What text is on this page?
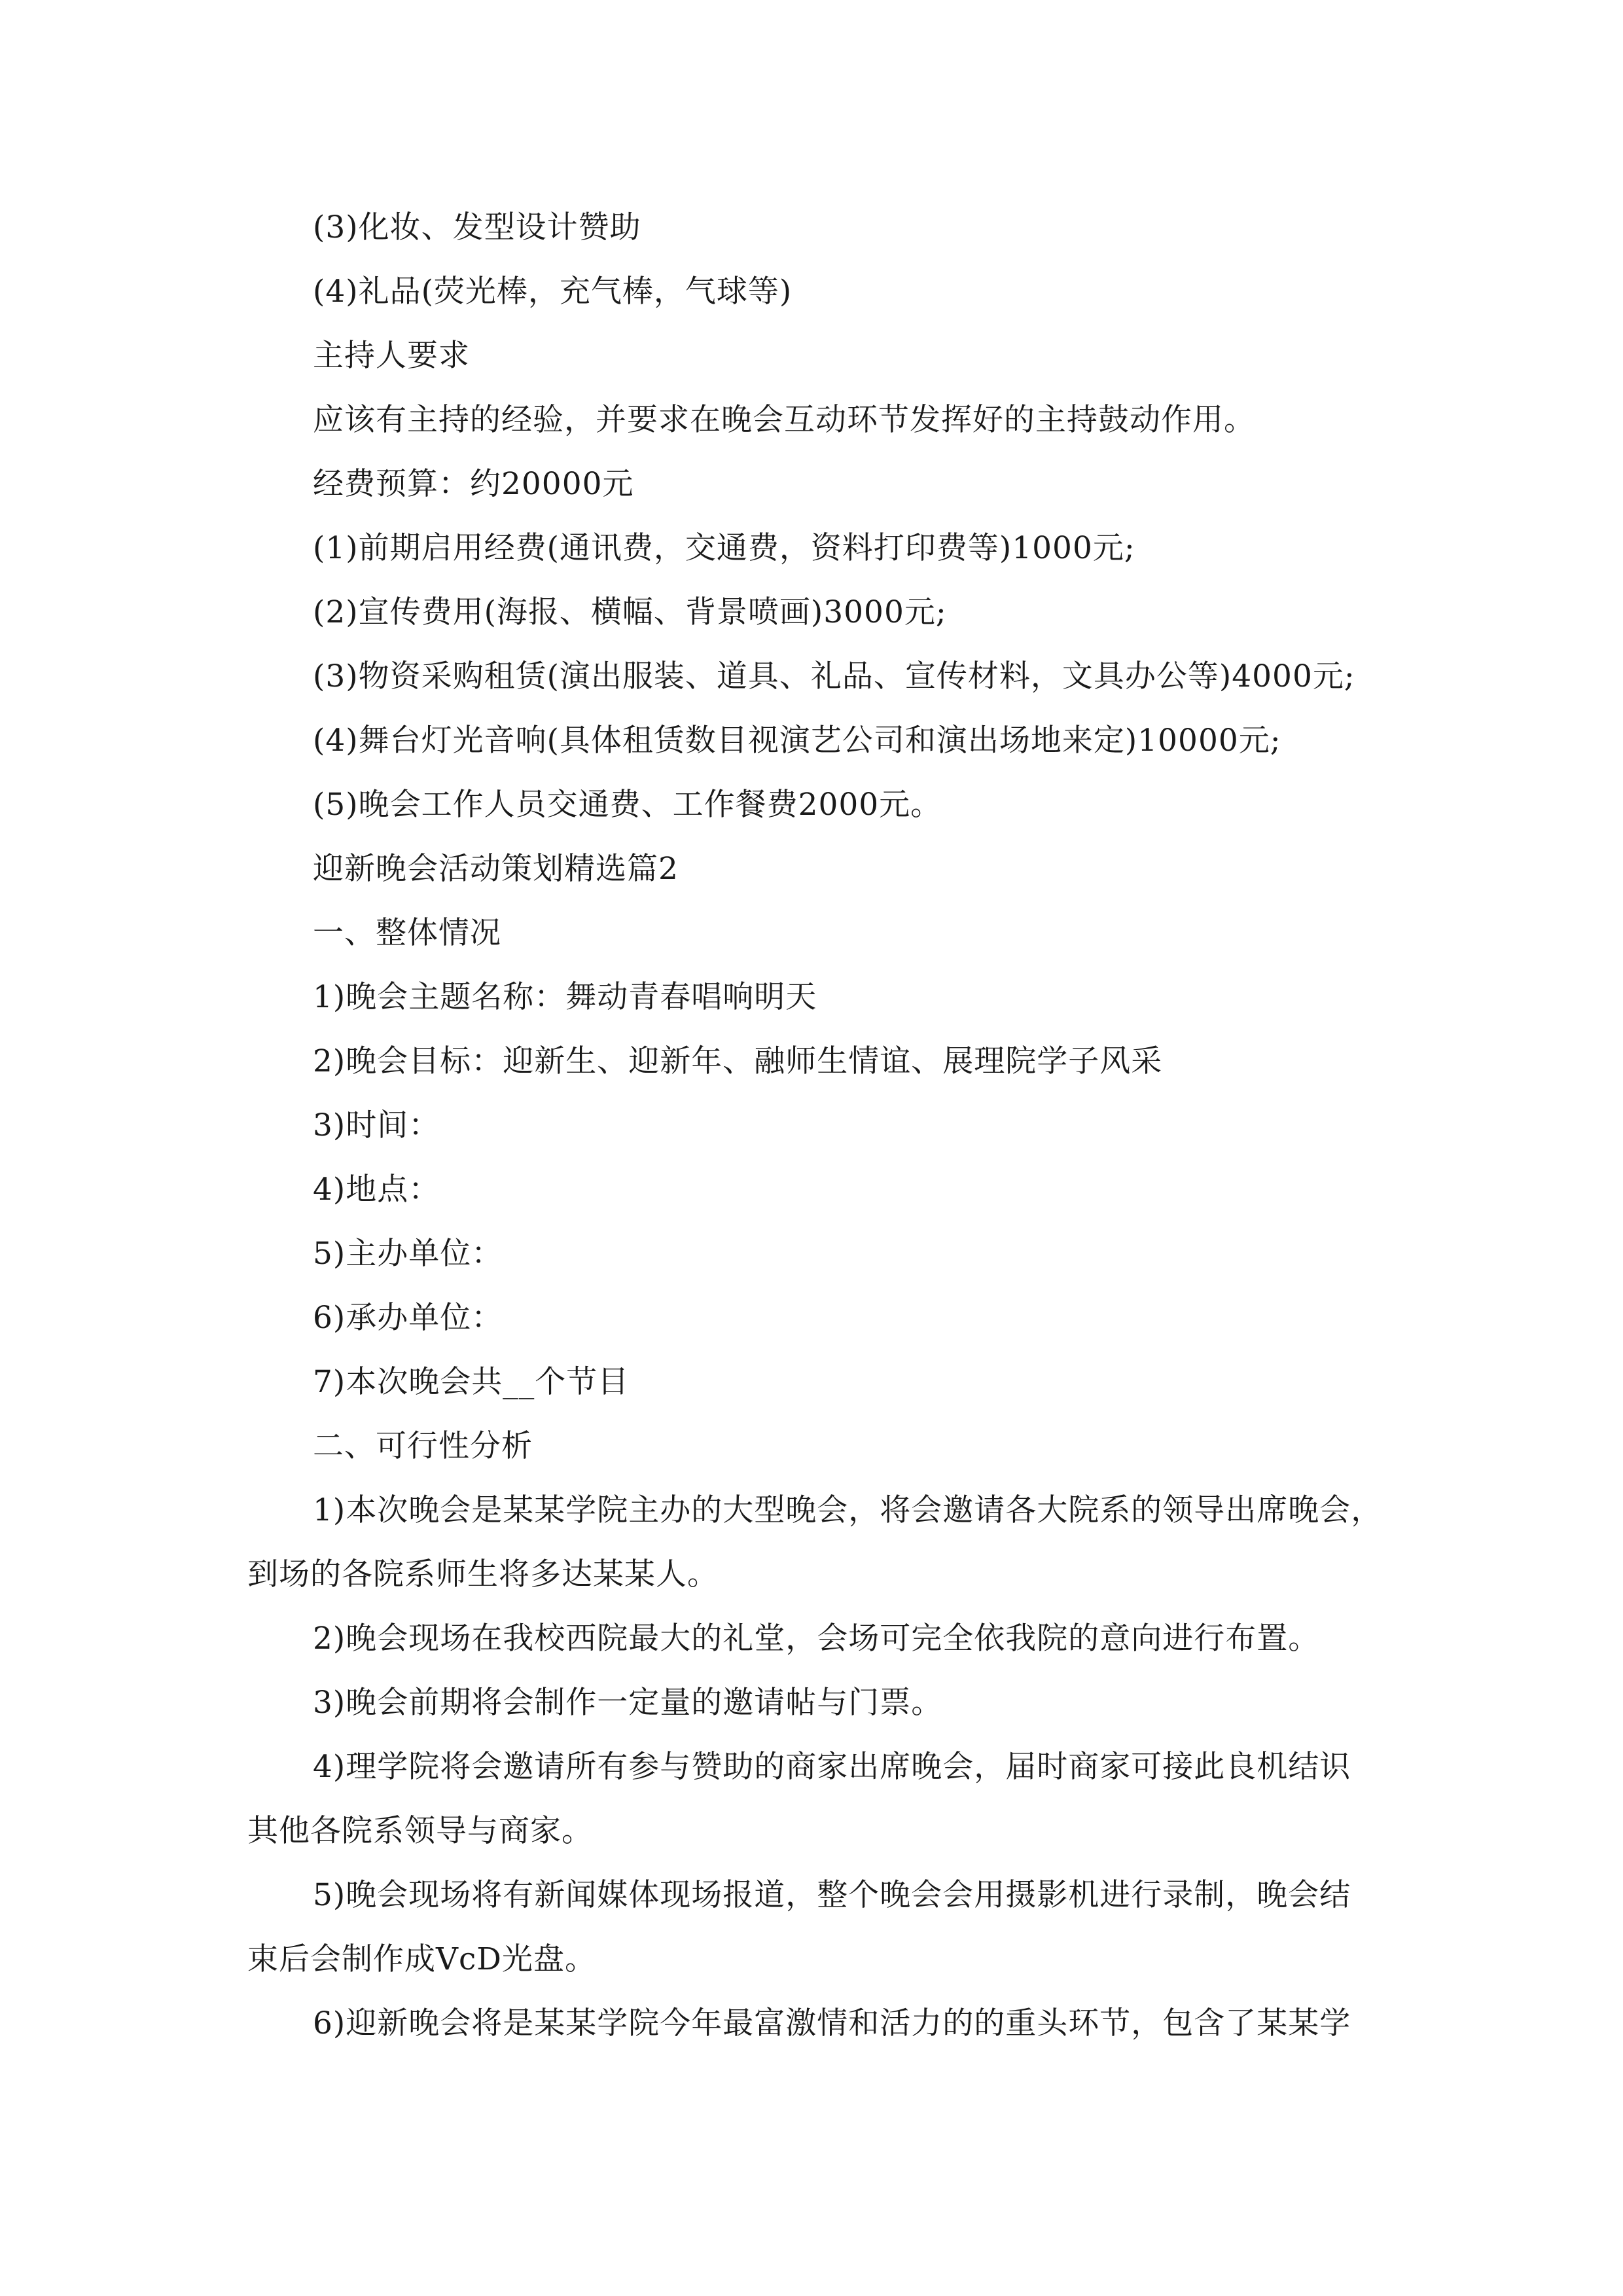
(3)化妆、发型设计赞助
(4)礼品(荧光棒，充气棒，气球等)
主持人要求
应该有主持的经验，并要求在晚会互动环节发挥好的主持鼓动作用。
经费预算：约20000元
(1)前期启用经费(通讯费，交通费，资料打印费等)1000元;
(2)宣传费用(海报、横幅、背景喷画)3000元;
(3)物资采购租赁(演出服装、道具、礼品、宣传材料，文具办公等)4000元;
(4)舞台灯光音响(具体租赁数目视演艺公司和演出场地来定)10000元;
(5)晚会工作人员交通费、工作餐费2000元。
迎新晚会活动策划精选篇2
一、整体情况
1)晚会主题名称：舞动青春唱响明天
2)晚会目标：迎新生、迎新年、融师生情谊、展理院学子风采
3)时间：
4)地点：
5)主办单位：
6)承办单位：
7)本次晚会共__个节目
二、可行性分析
1)本次晚会是某某学院主办的大型晚会，将会邀请各大院系的领导出席晚会，
到场的各院系师生将多达某某人。
2)晚会现场在我校西院最大的礼堂，会场可完全依我院的意向进行布置。
3)晚会前期将会制作一定量的邀请帖与门票。
4)理学院将会邀请所有参与赞助的商家出席晚会，届时商家可接此良机结识
其他各院系领导与商家。
5)晚会现场将有新闻媒体现场报道，整个晚会会用摄影机进行录制，晚会结
束后会制作成VcD光盘。
6)迎新晚会将是某某学院今年最富激情和活力的的重头环节，包含了某某学
